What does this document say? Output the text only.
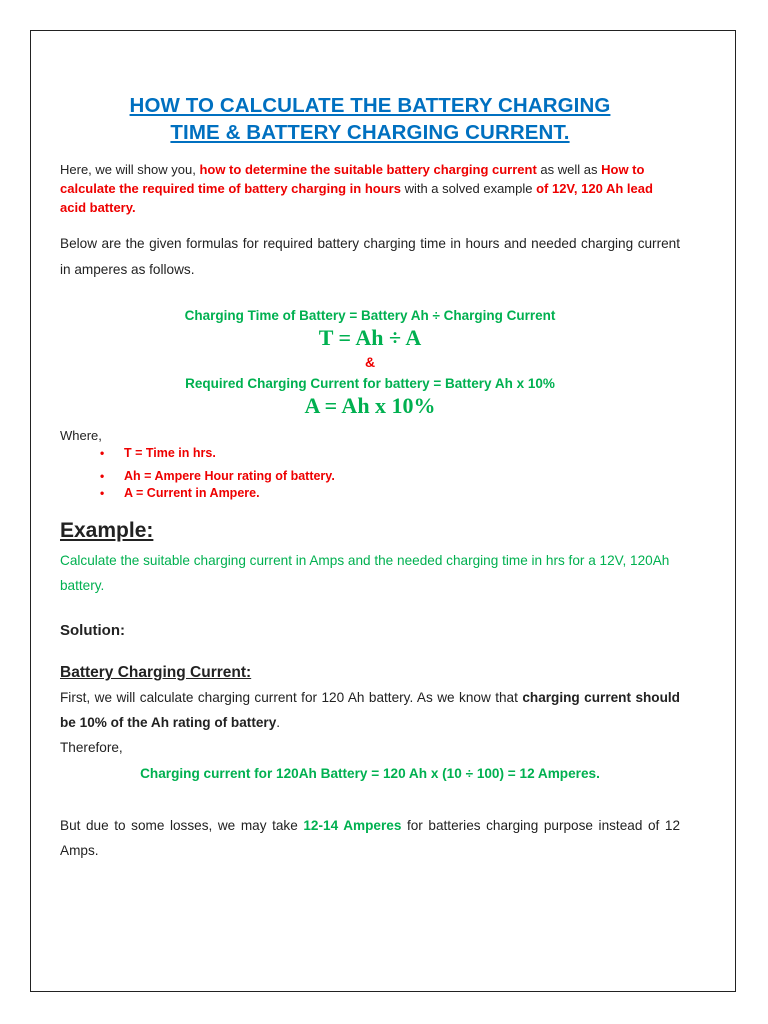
HOW TO CALCULATE THE BATTERY CHARGING
TIME & BATTERY CHARGING CURRENT.

Here, we will show you, how to determine the suitable battery charging current as well as How to calculate the required time of battery charging in hours with a solved example of 12V, 120 Ah lead acid battery.

Below are the given formulas for required battery charging time in hours and needed charging current in amperes as follows.

Charging Time of Battery = Battery Ah ÷ Charging Current
T = Ah ÷ A
&
Required Charging Current for battery = Battery Ah x 10%
A = Ah x 10%
Where,
• T = Time in hrs.
• Ah = Ampere Hour rating of battery.
• A = Current in Ampere.
Example:

Calculate the suitable charging current in Amps and the needed charging time in hrs for a 12V, 120Ah battery.

Solution:
Battery Charging Current:

First, we will calculate charging current for 120 Ah battery. As we know that charging current should be 10% of the Ah rating of battery.
Therefore,

Charging current for 120Ah Battery = 120 Ah x (10 ÷ 100) = 12 Amperes.

But due to some losses, we may take 12-14 Amperes for batteries charging purpose instead of 12 Amps.
